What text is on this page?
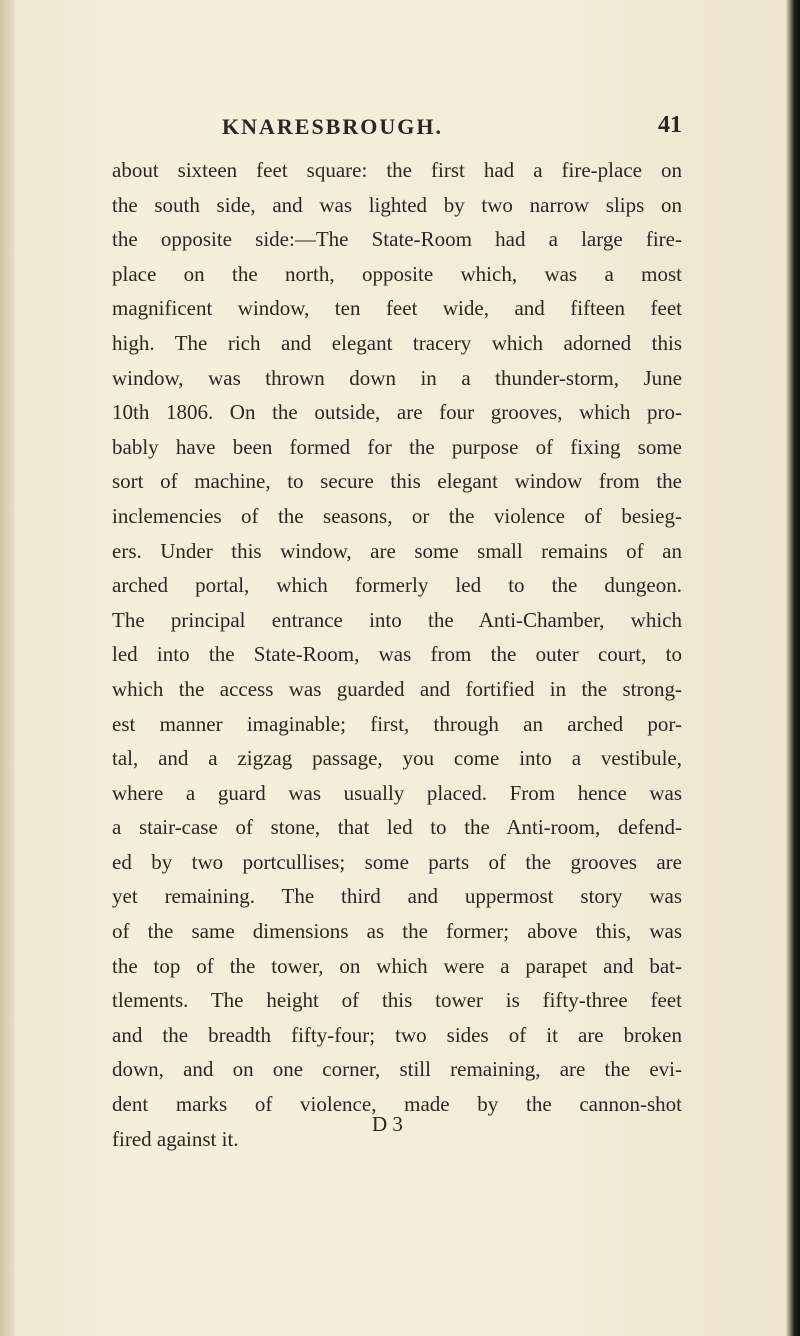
KNARESBROUGH.	41
about sixteen feet square: the first had a fire-place on
the south side, and was lighted by two narrow slips on
the opposite side:—The State-Room had a large fire-
place on the north, opposite which, was a most
magnificent window, ten feet wide, and fifteen feet
high. The rich and elegant tracery which adorned this
window, was thrown down in a thunder-storm, June
10th 1806. On the outside, are four grooves, which pro-
bably have been formed for the purpose of fixing some
sort of machine, to secure this elegant window from the
inclemencies of the seasons, or the violence of besieg-
ers. Under this window, are some small remains of an
arched portal, which formerly led to the dungeon.
The principal entrance into the Anti-Chamber, which
led into the State-Room, was from the outer court, to
which the access was guarded and fortified in the strong-
est manner imaginable; first, through an arched por-
tal, and a zigzag passage, you come into a vestibule,
where a guard was usually placed. From hence was
a stair-case of stone, that led to the Anti-room, defend-
ed by two portcullises; some parts of the grooves are
yet remaining. The third and uppermost story was
of the same dimensions as the former; above this, was
the top of the tower, on which were a parapet and bat-
tlements. The height of this tower is fifty-three feet
and the breadth fifty-four; two sides of it are broken
down, and on one corner, still remaining, are the evi-
dent marks of violence, made by the cannon-shot
fired against it.
D 3
